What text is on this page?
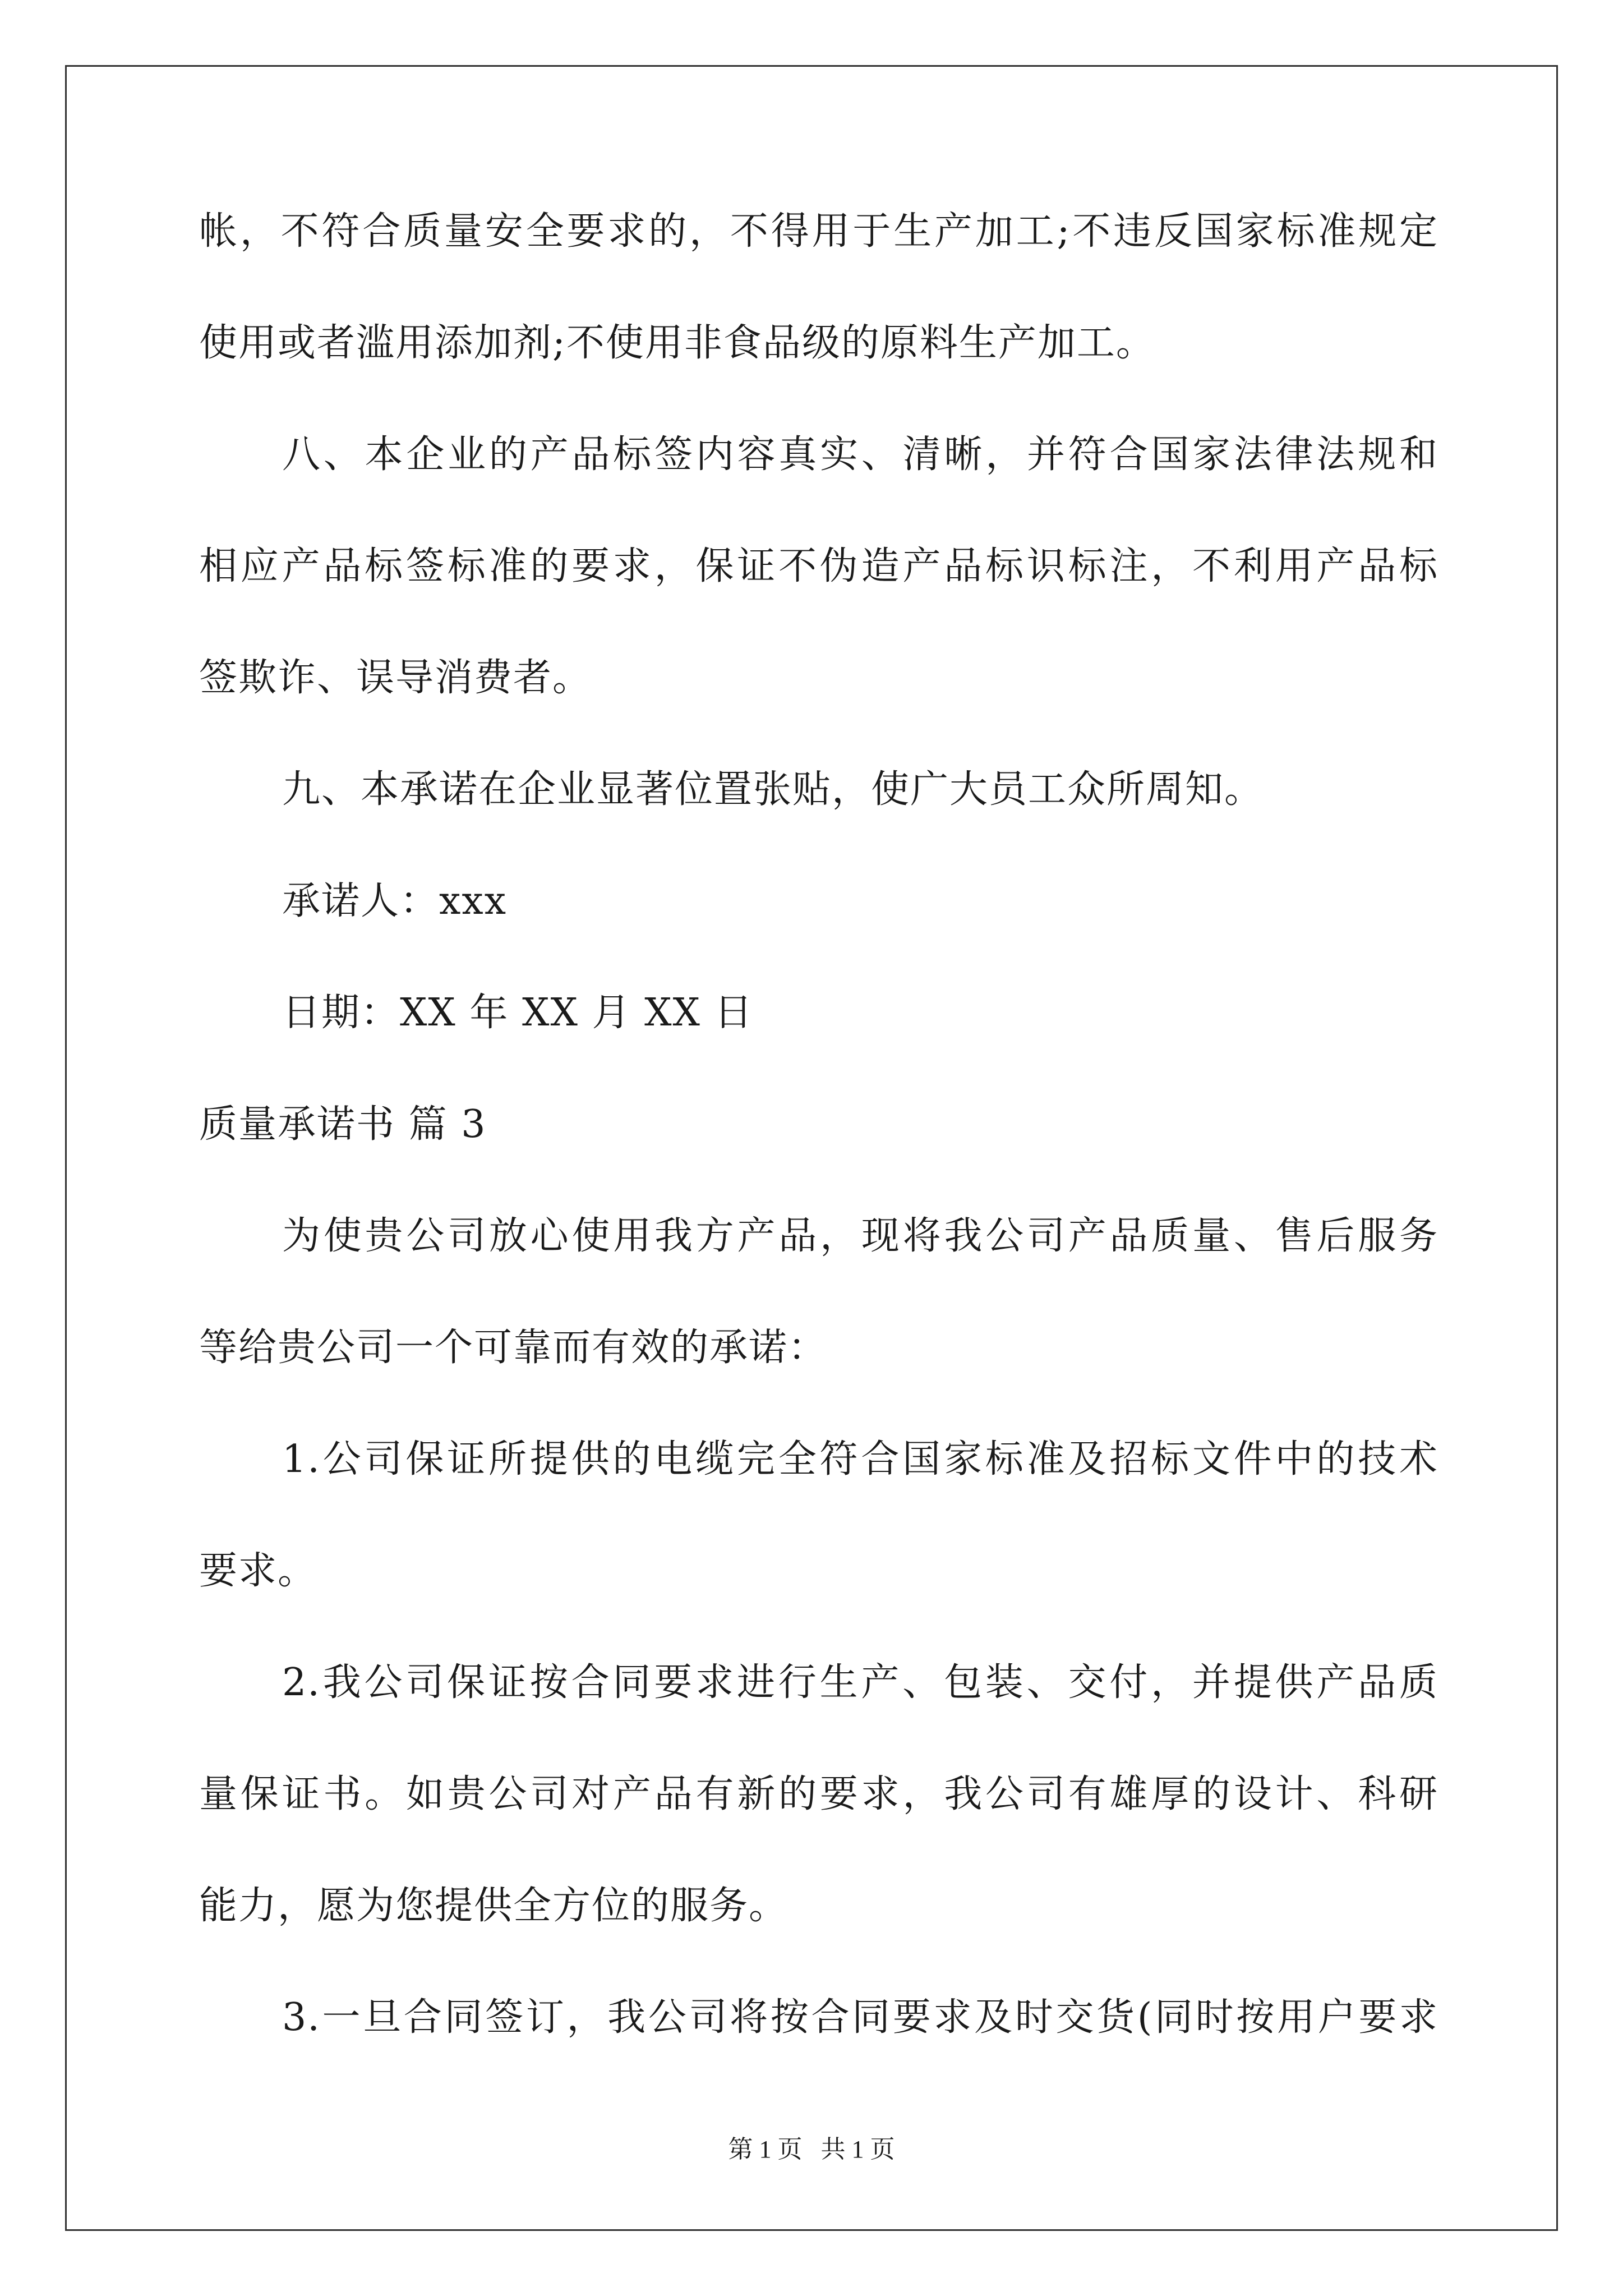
帐，不符合质量安全要求的，不得用于生产加工;不违反国家标准规定
使用或者滥用添加剂;不使用非食品级的原料生产加工。
八、本企业的产品标签内容真实、清晰，并符合国家法律法规和
相应产品标签标准的要求，保证不伪造产品标识标注，不利用产品标
签欺诈、误导消费者。
九、本承诺在企业显著位置张贴，使广大员工众所周知。
承诺人：xxx
日期：XX 年 XX 月 XX 日
质量承诺书 篇 3
为使贵公司放心使用我方产品，现将我公司产品质量、售后服务
等给贵公司一个可靠而有效的承诺：
1.公司保证所提供的电缆完全符合国家标准及招标文件中的技术
要求。
2.我公司保证按合同要求进行生产、包装、交付，并提供产品质
量保证书。如贵公司对产品有新的要求，我公司有雄厚的设计、科研
能力，愿为您提供全方位的服务。
3.一旦合同签订，我公司将按合同要求及时交货(同时按用户要求
第 1 页   共 1 页
